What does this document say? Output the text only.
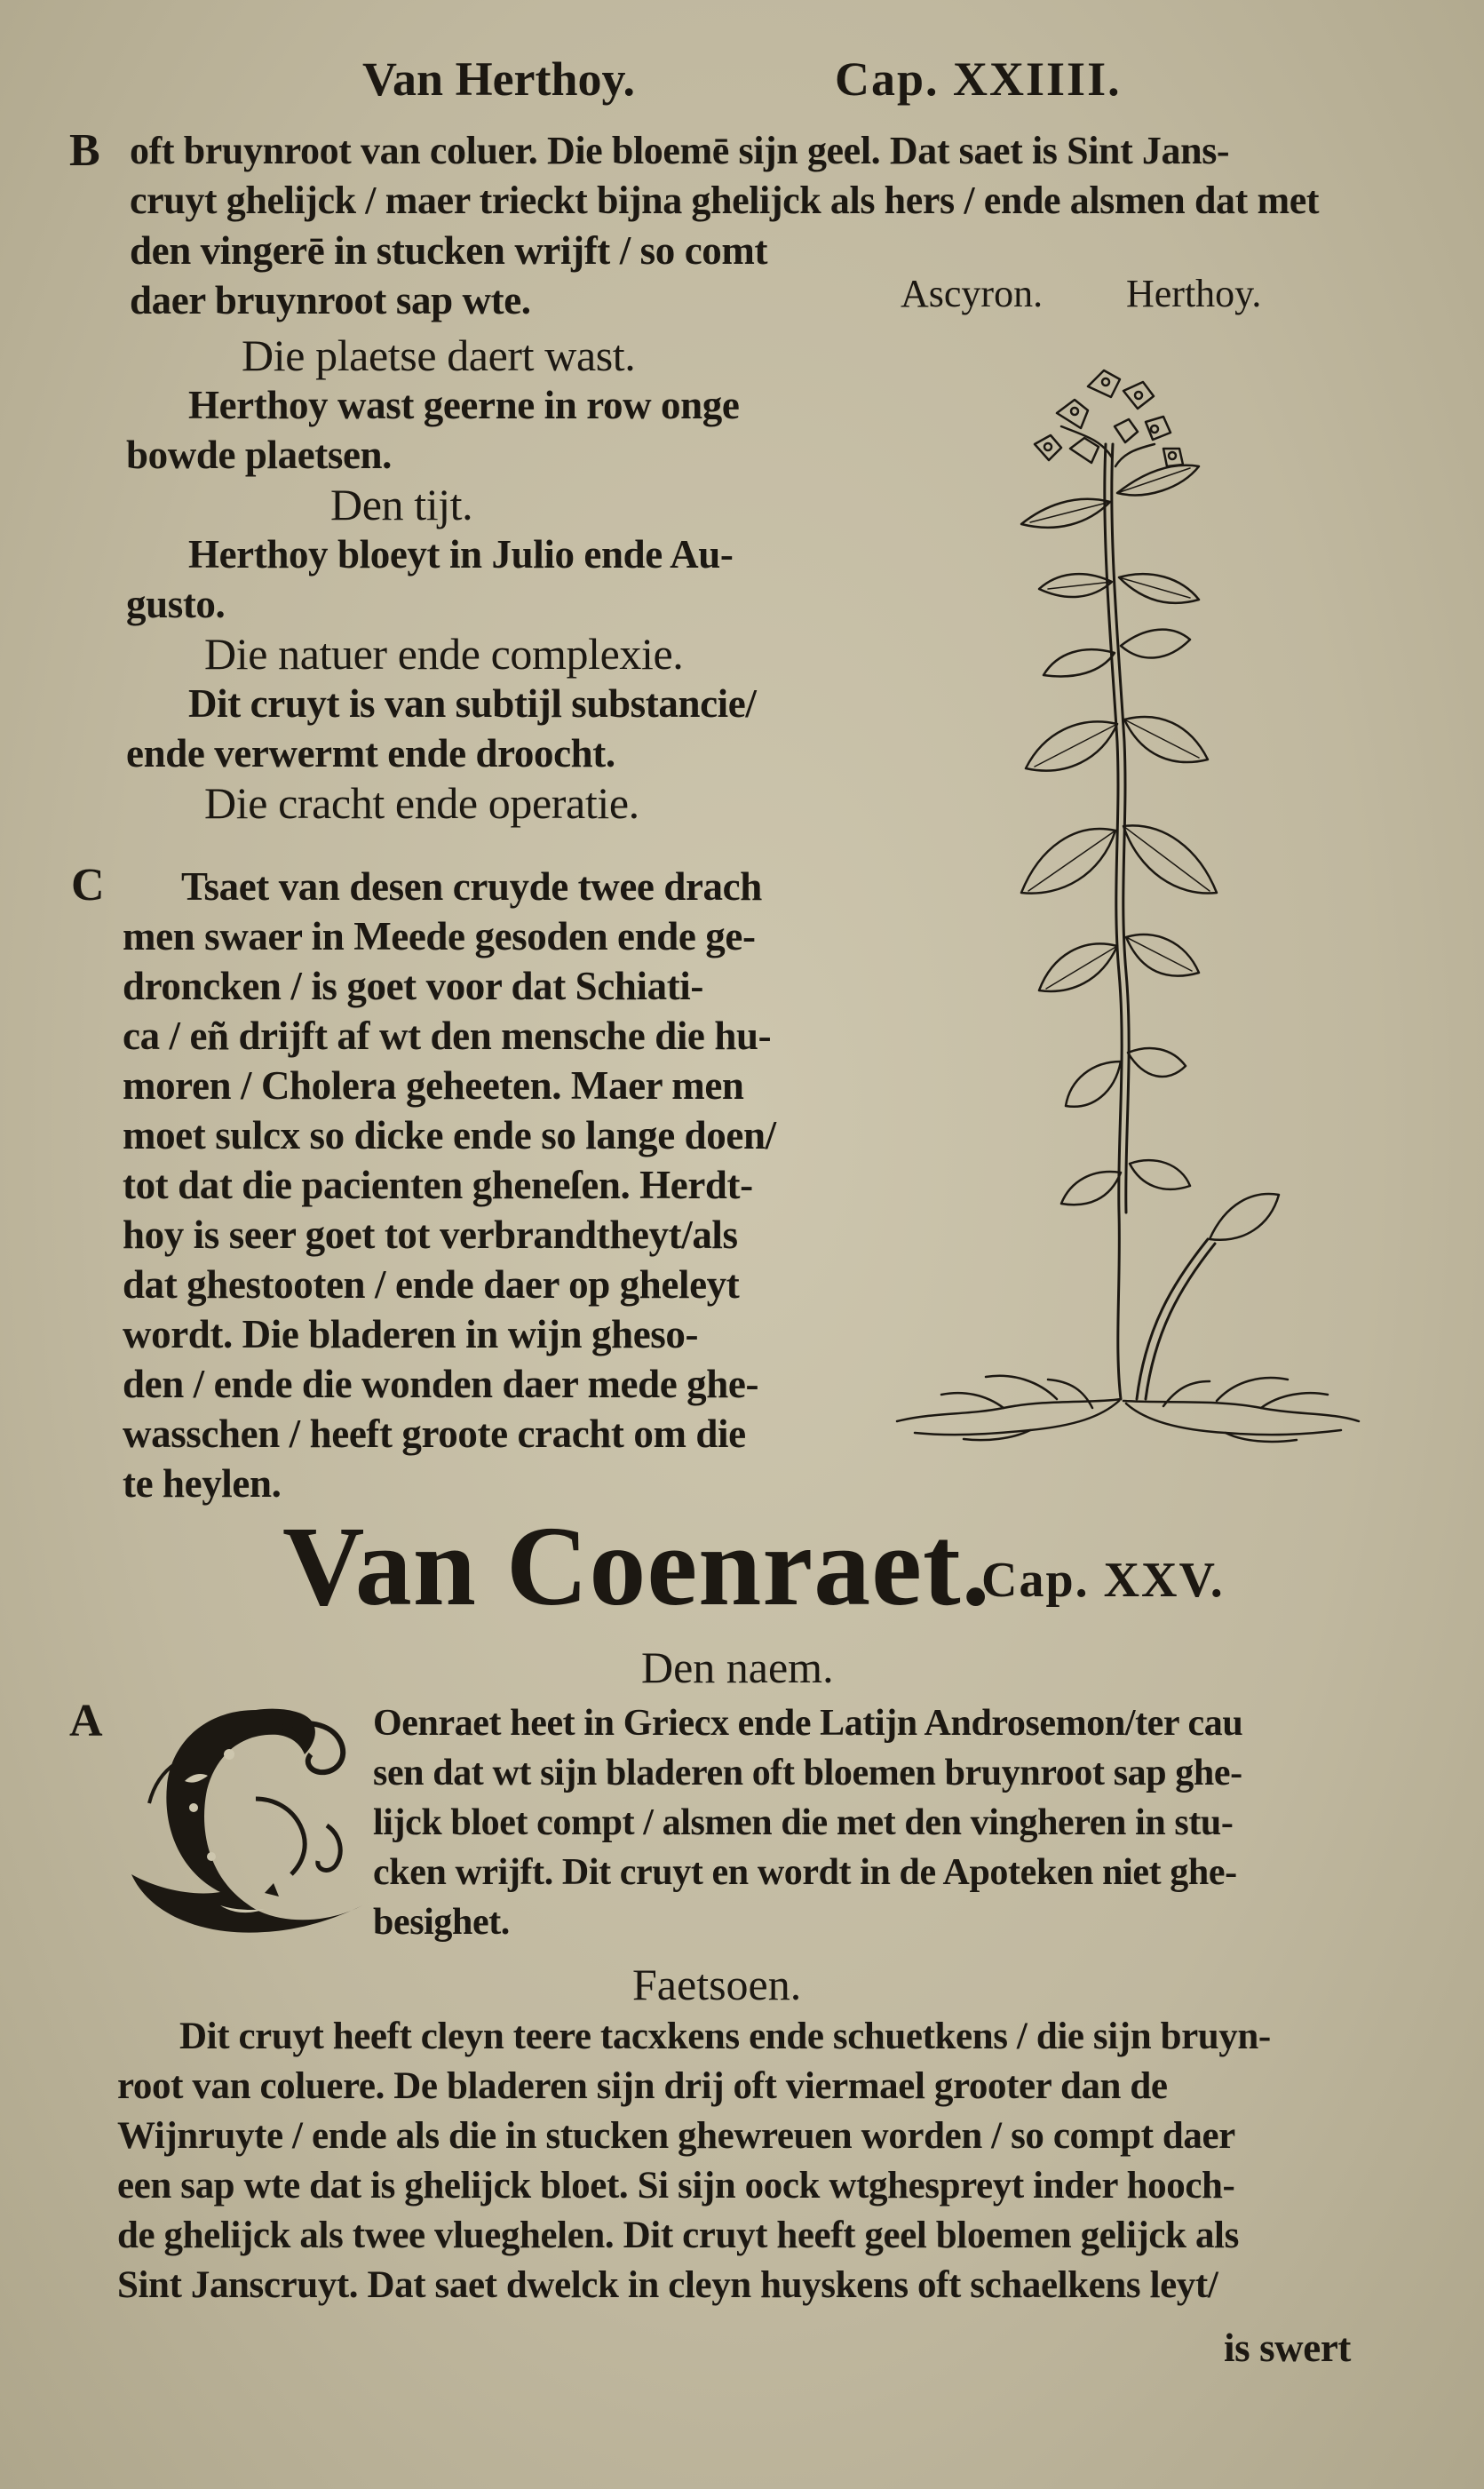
Van Herthoy.	Cap. XXIIII.
B oft bruynroot van coluer. Die bloemē sijn geel. Dat saet is Sint Jans-
cruyt ghelijck / maer trieckt bijna ghelijck als hers / ende alsmen dat met
den vingerē in stucken wrijft / so comt
daer bruynroot sap wte.	Ascyron. Herthoy.
Die plaetse daert wast.
Herthoy wast geerne in row onge
bowde plaetsen.
Den tijt.
Herthoy bloeyt in Julio ende Au-
gusto.
Die natuer ende complexie.
Dit cruyt is van subtijl substancie/
ende verwermt ende droocht.
Die cracht ende operatie.
C	Tsaet van desen cruyde twee drach
men swaer in Meede gesoden ende ge-
droncken / is goet voor dat Schiati-
ca / eñ drijft af wt den mensche die hu-
moren / Cholera geheeten. Maer men
moet sulcx so dicke ende so lange doen/
tot dat die pacienten gheneſen. Herdt-
hoy is seer goet tot verbrandtheyt/als
dat ghestooten / ende daer op gheleyt
wordt. Die bladeren in wijn gheso-
den / ende die wonden daer mede ghe-
wasschen / heeft groote cracht om die
te heylen.
Van Coenraet.
Cap. XXV.
Den naem.
A	Oenraet heet in Griecx ende Latijn Androsemon/ter cau
sen dat wt sijn bladeren oft bloemen bruynroot sap ghe-
lijck bloet compt / alsmen die met den vingheren in stu-
cken wrijft. Dit cruyt en wordt in de Apoteken niet ghe-
besighet.
Faetsoen.
Dit cruyt heeft cleyn teere tacxkens ende schuetkens / die sijn bruyn-
root van coluere. De bladeren sijn drij oft viermael grooter dan de
Wijnruyte / ende als die in stucken ghewreuen worden / so compt daer
een sap wte dat is ghelijck bloet. Si sijn oock wtghespreyt inder hooch-
de ghelijck als twee vlueghelen. Dit cruyt heeft geel bloemen gelijck als
Sint Janscruyt. Dat saet dwelck in cleyn huyskens oft schaelkens leyt/
is swert
